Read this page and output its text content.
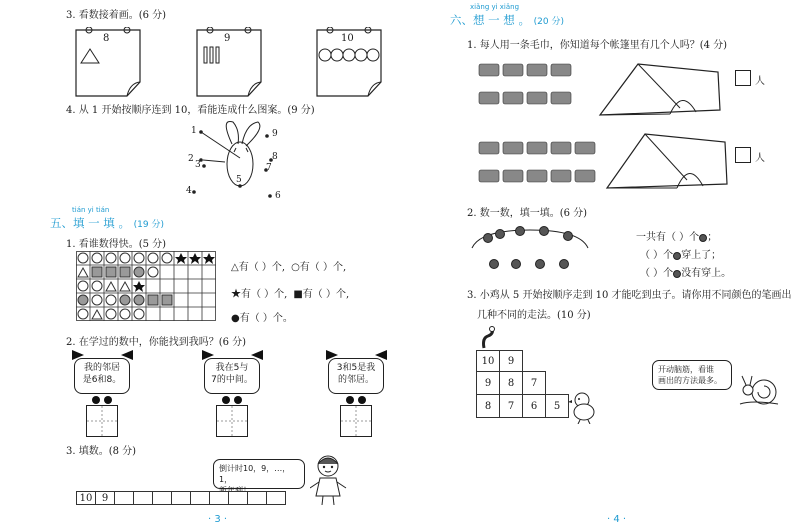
3. 看数接着画。(6 分)
8	9	10
4. 从 1 开始按顺序连到 10，看能连成什么图案。(9 分)
1
2
3
4
5
6
7
8
9
tián yi tián
五、填 一 填 。 (19 分)
1. 看谁数得快。(5 分)
△有（ ）个, ○有（ ）个,
★有（ ）个, ■有（ ）个,
●有（ ）个。
2. 在学过的数中，你能找到我吗？(6 分)
我的邻居
是6和8。
我在5与
7的中间。
3和5是我
的邻居。
3. 填数。(8 分)
倒计时10，9，…，1，
10 9
· 3 ·
xiǎng yi xiǎng
六、想 一 想 。 (20 分)
1. 每人用一条毛巾，你知道每个帐篷里有几个人吗？(4 分)
人
人
2. 数一数，填一填。(6 分)
一共有（ ）个 ；
（ ）个 穿上了；
（ ）个 没有穿上。
3. 小鸡从 5 开始按顺序走到 10 才能吃到虫子。请你用不同颜色的笔画出
几种不同的走法。(10 分)
10	9
9	8	7
8	7	6	5
开动脑筋，看谁
画出的方法最多。
· 4 ·
